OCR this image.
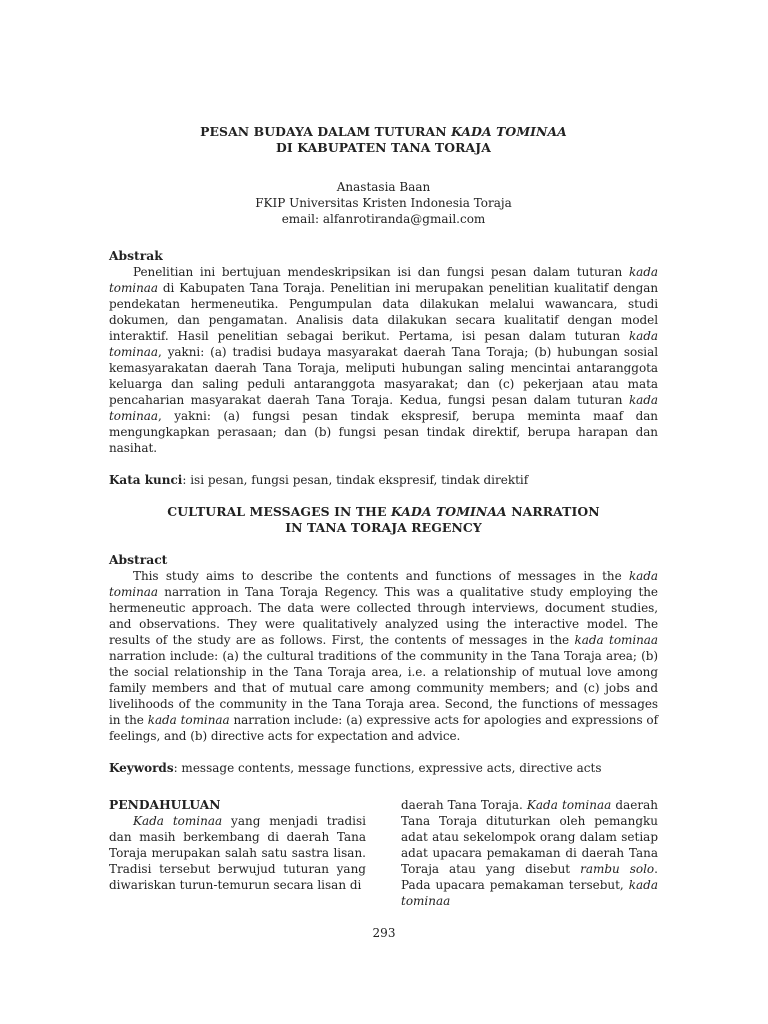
PESAN BUDAYA DALAM TUTURAN KADA TOMINAA
DI KABUPATEN TANA TORAJA
Anastasia Baan
FKIP Universitas Kristen Indonesia Toraja
email: alfanrotiranda@gmail.com

Abstrak

Penelitian ini bertujuan mendeskripsikan isi dan fungsi pesan dalam tuturan kada tominaa di Kabupaten Tana Toraja. Penelitian ini merupakan penelitian kualitatif dengan pendekatan hermeneutika. Pengumpulan data dilakukan melalui wawancara, studi dokumen, dan pengamatan. Analisis data dilakukan secara kualitatif dengan model interaktif. Hasil penelitian sebagai berikut. Pertama, isi pesan dalam tuturan kada tominaa, yakni: (a) tradisi budaya masyarakat daerah Tana Toraja; (b) hubungan sosial kemasyarakatan daerah Tana Toraja, meliputi hubungan saling mencintai antaranggota keluarga dan saling peduli antaranggota masyarakat; dan (c) pekerjaan atau mata pencaharian masyarakat daerah Tana Toraja. Kedua, fungsi pesan dalam tuturan kada tominaa, yakni: (a) fungsi pesan tindak ekspresif, berupa meminta maaf dan mengungkapkan perasaan; dan (b) fungsi pesan tindak direktif, berupa harapan dan nasihat.

Kata kunci: isi pesan, fungsi pesan, tindak ekspresif, tindak direktif

CULTURAL MESSAGES IN THE KADA TOMINAA NARRATION
IN TANA TORAJA REGENCY

Abstract

This study aims to describe the contents and functions of messages in the kada tominaa narration in Tana Toraja Regency. This was a qualitative study employing the hermeneutic approach. The data were collected through interviews, document studies, and observations. They were qualitatively analyzed using the interactive model. The results of the study are as follows. First, the contents of messages in the kada tominaa narration include: (a) the cultural traditions of the community in the Tana Toraja area; (b) the social relationship in the Tana Toraja area, i.e. a relationship of mutual love among family members and that of mutual care among community members; and (c) jobs and livelihoods of the community in the Tana Toraja area. Second, the functions of messages in the kada tominaa narration include: (a) expressive acts for apologies and expressions of feelings, and (b) directive acts for expectation and advice.

Keywords: message contents, message functions, expressive acts, directive acts

PENDAHULUAN

Kada tominaa yang menjadi tradisi dan masih berkembang di daerah Tana Toraja merupakan salah satu sastra lisan. Tradisi tersebut berwujud tuturan yang diwariskan turun-temurun secara lisan di

daerah Tana Toraja. Kada tominaa daerah Tana Toraja dituturkan oleh pemangku adat atau sekelompok orang dalam setiap adat upacara pemakaman di daerah Tana Toraja atau yang disebut rambu solo. Pada upacara pemakaman tersebut, kada tominaa

293
